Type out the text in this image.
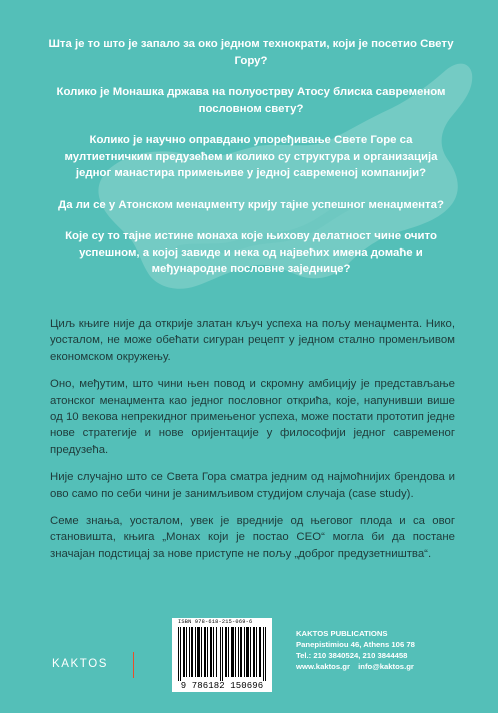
Шта је то што је запало за око једном технократи, који је посетио Свету Гору?

Колико је Монашка држава на полуострву Атосу блиска савременом пословном свету?

Колико је научно оправдано упоређивање Свете Горе са мултиетничким предузећем и колико су структура и организација једног манастира примењиве у једној савременој компанији?

Да ли се у Атонском менаџменту крију тајне успешног менаџмента?

Које су то тајне истине монаха које њихову делатност чине очито успешном, а којој завиде и нека од највећих имена домаће и међународне пословне заједнице?

Циљ књиге није да открије златан кључ успеха на пољу менаџмента. Нико, уосталом, не може обећати сигуран рецепт у једном стално променљивом економском окружењу.

Оно, међутим, што чини њен повод и скромну амбицију је представљање атонског менаџмента као једног пословног открића, које, напунивши више од 10 векова непрекидног примењеног успеха, може постати прототип једне нове стратегије и нове оријентације у философији једног савременог предузећа.

Није случајно што се Света Гора сматра једним од најмоћнијих брендова и ово само по себи чини је занимљивом студијом случаја (case study).

Семе знања, уосталом, увек је вредније од његовог плода и са овог становишта, књига „Монах који је постао CEO“ могла би да постане значајан подстицај за нове приступе не пољу „доброг предузетништва“.

KAKTOS
ISBN 978-618-215-069-6
9 786182 150696
KAKTOS PUBLICATIONS
Panepistimiou 46, Athens 106 78
Tel.: 210 3840524, 210 3844458
www.kaktos.gr info@kaktos.gr
